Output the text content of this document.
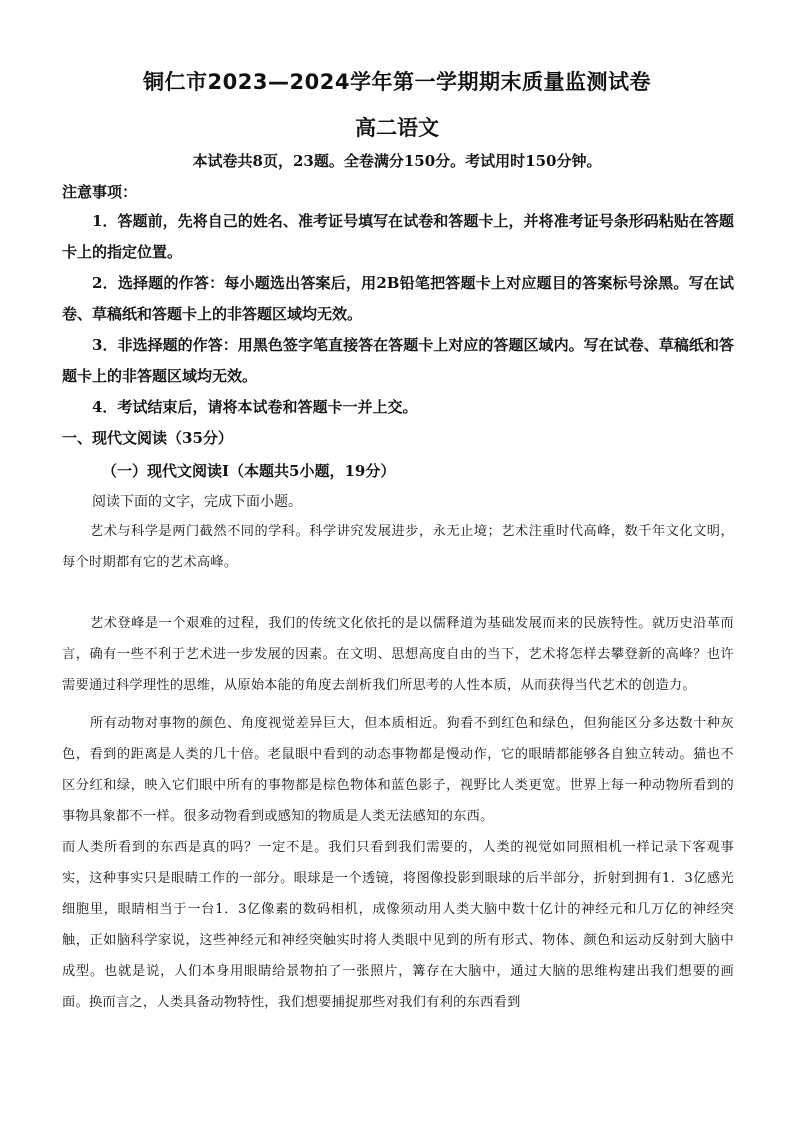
铜仁市2023—2024学年第一学期期末质量监测试卷
高二语文
本试卷共8页，23题。全卷满分150分。考试用时150分钟。
注意事项：

1．答题前，先将自己的姓名、准考证号填写在试卷和答题卡上，并将准考证号条形码粘贴在答题卡上的指定位置。

2．选择题的作答：每小题选出答案后，用2B铅笔把答题卡上对应题目的答案标号涂黑。写在试卷、草稿纸和答题卡上的非答题区域均无效。

3．非选择题的作答：用黑色签字笔直接答在答题卡上对应的答题区域内。写在试卷、草稿纸和答题卡上的非答题区域均无效。

4．考试结束后，请将本试卷和答题卡一并上交。

一、现代文阅读（35分）
（一）现代文阅读Ⅰ（本题共5小题，19分）
阅读下面的文字，完成下面小题。

艺术与科学是两门截然不同的学科。科学讲究发展进步，永无止境；艺术注重时代高峰，数千年文化文明，每个时期都有它的艺术高峰。

艺术登峰是一个艰难的过程，我们的传统文化依托的是以儒释道为基础发展而来的民族特性。就历史沿革而言，确有一些不利于艺术进一步发展的因素。在文明、思想高度自由的当下，艺术将怎样去攀登新的高峰？也许需要通过科学理性的思维，从原始本能的角度去剖析我们所思考的人性本质，从而获得当代艺术的创造力。

所有动物对事物的颜色、角度视觉差异巨大，但本质相近。狗看不到红色和绿色，但狗能区分多达数十种灰色，看到的距离是人类的几十倍。老鼠眼中看到的动态事物都是慢动作，它的眼睛都能够各自独立转动。猫也不区分红和绿，映入它们眼中所有的事物都是棕色物体和蓝色影子，视野比人类更宽。世界上每一种动物所看到的事物具象都不一样。很多动物看到或感知的物质是人类无法感知的东西。

而人类所看到的东西是真的吗？一定不是。我们只看到我们需要的，人类的视觉如同照相机一样记录下客观事实，这种事实只是眼睛工作的一部分。眼球是一个透镜，将图像投影到眼球的后半部分，折射到拥有1．3亿感光细胞里，眼睛相当于一台1．3亿像素的数码相机，成像须动用人类大脑中数十亿计的神经元和几万亿的神经突触，正如脑科学家说，这些神经元和神经突触实时将人类眼中见到的所有形式、物体、颜色和运动反射到大脑中成型。也就是说，人们本身用眼睛给景物拍了一张照片，篝存在大脑中，通过大脑的思维构建出我们想要的画面。换而言之，人类具备动物特性，我们想要捕捉那些对我们有利的东西看到
